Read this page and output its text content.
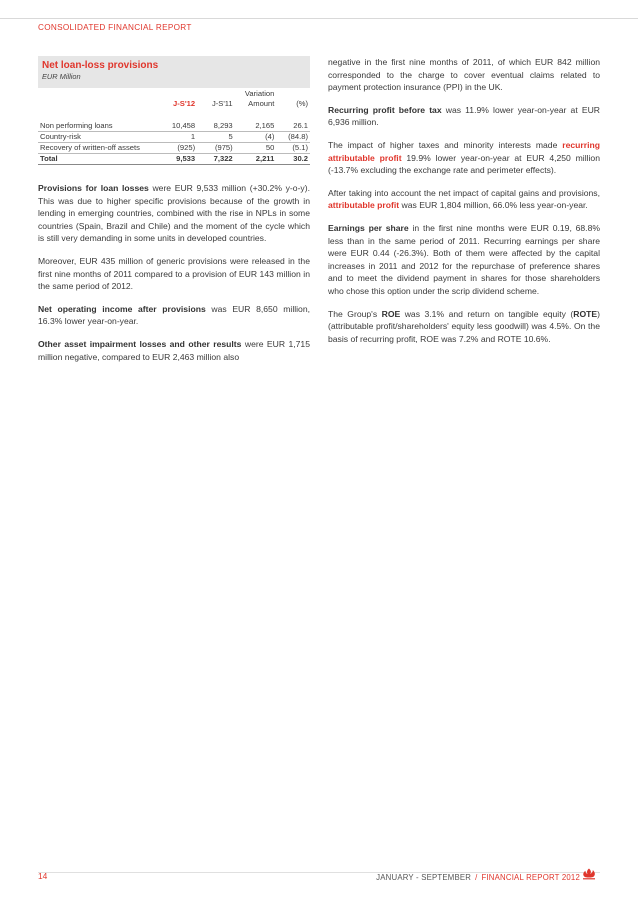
CONSOLIDATED FINANCIAL REPORT
Net loan-loss provisions
EUR Million
			Variation	
	J-S'12	J-S'11	Amount	(%)
Non performing loans	10,458	8,293	2,165	26.1
Country-risk	1	5	(4)	(84.8)
Recovery of written-off assets	(925)	(975)	50	(5.1)
Total	9,533	7,322	2,211	30.2

Provisions for loan losses were EUR 9,533 million (+30.2% y-o-y). This was due to higher specific provisions because of the growth in lending in emerging countries, combined with the rise in NPLs in some countries (Spain, Brazil and Chile) and the moment of the cycle which is still very demanding in some units in developed countries.

Moreover, EUR 435 million of generic provisions were released in the first nine months of 2011 compared to a provision of EUR 143 million in the same period of 2012.

Net operating income after provisions was EUR 8,650 million, 16.3% lower year-on-year.

Other asset impairment losses and other results were EUR 1,715 million negative, compared to EUR 2,463 million also

negative in the first nine months of 2011, of which EUR 842 million corresponded to the charge to cover eventual claims related to payment protection insurance (PPI) in the UK.

Recurring profit before tax was 11.9% lower year-on-year at EUR 6,936 million.

The impact of higher taxes and minority interests made recurring attributable profit 19.9% lower year-on-year at EUR 4,250 million (-13.7% excluding the exchange rate and perimeter effects).

After taking into account the net impact of capital gains and provisions, attributable profit was EUR 1,804 million, 66.0% less year-on-year.

Earnings per share in the first nine months were EUR 0.19, 68.8% less than in the same period of 2011. Recurring earnings per share were EUR 0.44 (-26.3%). Both of them were affected by the capital increases in 2011 and 2012 for the repurchase of preference shares and to meet the dividend payment in shares for those shareholders who chose this option under the scrip dividend scheme.

The Group's ROE was 3.1% and return on tangible equity (ROTE) (attributable profit/shareholders' equity less goodwill) was 4.5%. On the basis of recurring profit, ROE was 7.2% and ROTE 10.6%.

14	JANUARY - SEPTEMBER / FINANCIAL REPORT 2012
